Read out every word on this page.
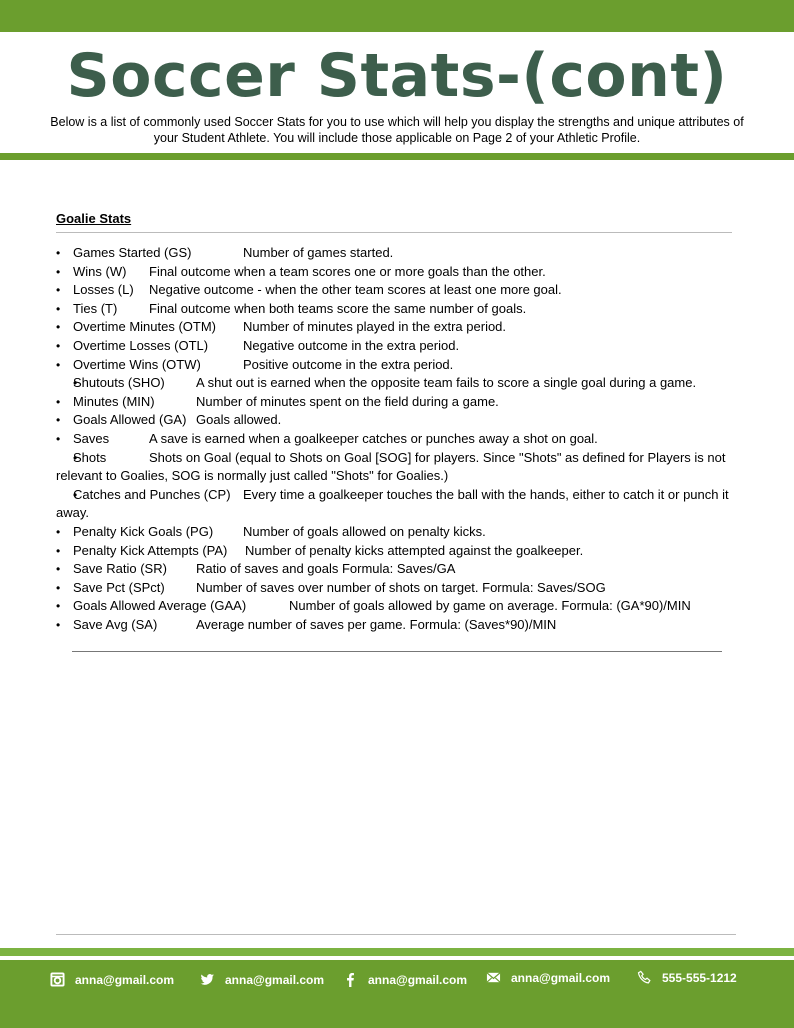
Soccer Stats-(cont)
Below is a list of commonly used Soccer Stats for you to use which will help you display the strengths and unique attributes of your Student Athlete. You will include those applicable on Page 2 of your Athletic Profile.
Goalie Stats
• Games Started (GS)	Number of games started.
• Wins (W) Final outcome when a team scores one or more goals than the other.
• Losses (L) Negative outcome - when the other team scores at least one more goal.
• Ties (T) Final outcome when both teams score the same number of goals.
• Overtime Minutes (OTM) Number of minutes played in the extra period.
• Overtime Losses (OTL)	Negative outcome in the extra period.
• Overtime Wins (OTW)	Positive outcome in the extra period.
• Shutouts (SHO) A shut out is earned when the opposite team fails to score a single goal during a game.
• Minutes (MIN)	Number of minutes spent on the field during a game.
• Goals Allowed (GA) Goals allowed.
• Saves	A save is earned when a goalkeeper catches or punches away a shot on goal.
• Shots	Shots on Goal (equal to Shots on Goal [SOG] for players. Since "Shots" as defined for Players is not relevant to Goalies, SOG is normally just called "Shots" for Goalies.)
• Catches and Punches (CP) Every time a goalkeeper touches the ball with the hands, either to catch it or punch it away.
• Penalty Kick Goals (PG) Number of goals allowed on penalty kicks.
• Penalty Kick Attempts (PA) Number of penalty kicks attempted against the goalkeeper.
• Save Ratio (SR) Ratio of saves and goals Formula: Saves/GA
• Save Pct (SPct) Number of saves over number of shots on target. Formula: Saves/SOG
• Goals Allowed Average (GAA)	Number of goals allowed by game on average. Formula: (GA*90)/MIN
• Save Avg (SA)	Average number of saves per game. Formula: (Saves*90)/MIN
anna@gmail.com	anna@gmail.com	anna@gmail.com	anna@gmail.com	555-555-1212
